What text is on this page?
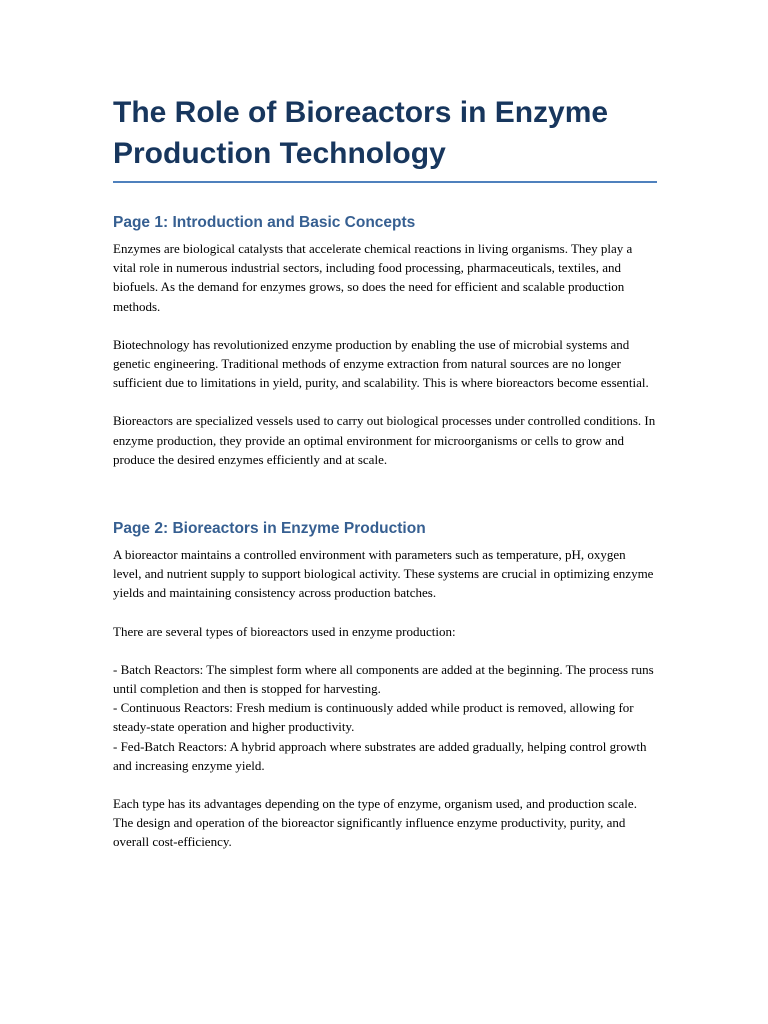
The Role of Bioreactors in Enzyme Production Technology
Page 1: Introduction and Basic Concepts

Enzymes are biological catalysts that accelerate chemical reactions in living organisms. They play a vital role in numerous industrial sectors, including food processing, pharmaceuticals, textiles, and biofuels. As the demand for enzymes grows, so does the need for efficient and scalable production methods.

Biotechnology has revolutionized enzyme production by enabling the use of microbial systems and genetic engineering. Traditional methods of enzyme extraction from natural sources are no longer sufficient due to limitations in yield, purity, and scalability. This is where bioreactors become essential.

Bioreactors are specialized vessels used to carry out biological processes under controlled conditions. In enzyme production, they provide an optimal environment for microorganisms or cells to grow and produce the desired enzymes efficiently and at scale.

Page 2: Bioreactors in Enzyme Production

A bioreactor maintains a controlled environment with parameters such as temperature, pH, oxygen level, and nutrient supply to support biological activity. These systems are crucial in optimizing enzyme yields and maintaining consistency across production batches.

There are several types of bioreactors used in enzyme production:

- Batch Reactors: The simplest form where all components are added at the beginning. The process runs until completion and then is stopped for harvesting.

- Continuous Reactors: Fresh medium is continuously added while product is removed, allowing for steady-state operation and higher productivity.

- Fed-Batch Reactors: A hybrid approach where substrates are added gradually, helping control growth and increasing enzyme yield.

Each type has its advantages depending on the type of enzyme, organism used, and production scale. The design and operation of the bioreactor significantly influence enzyme productivity, purity, and overall cost-efficiency.
